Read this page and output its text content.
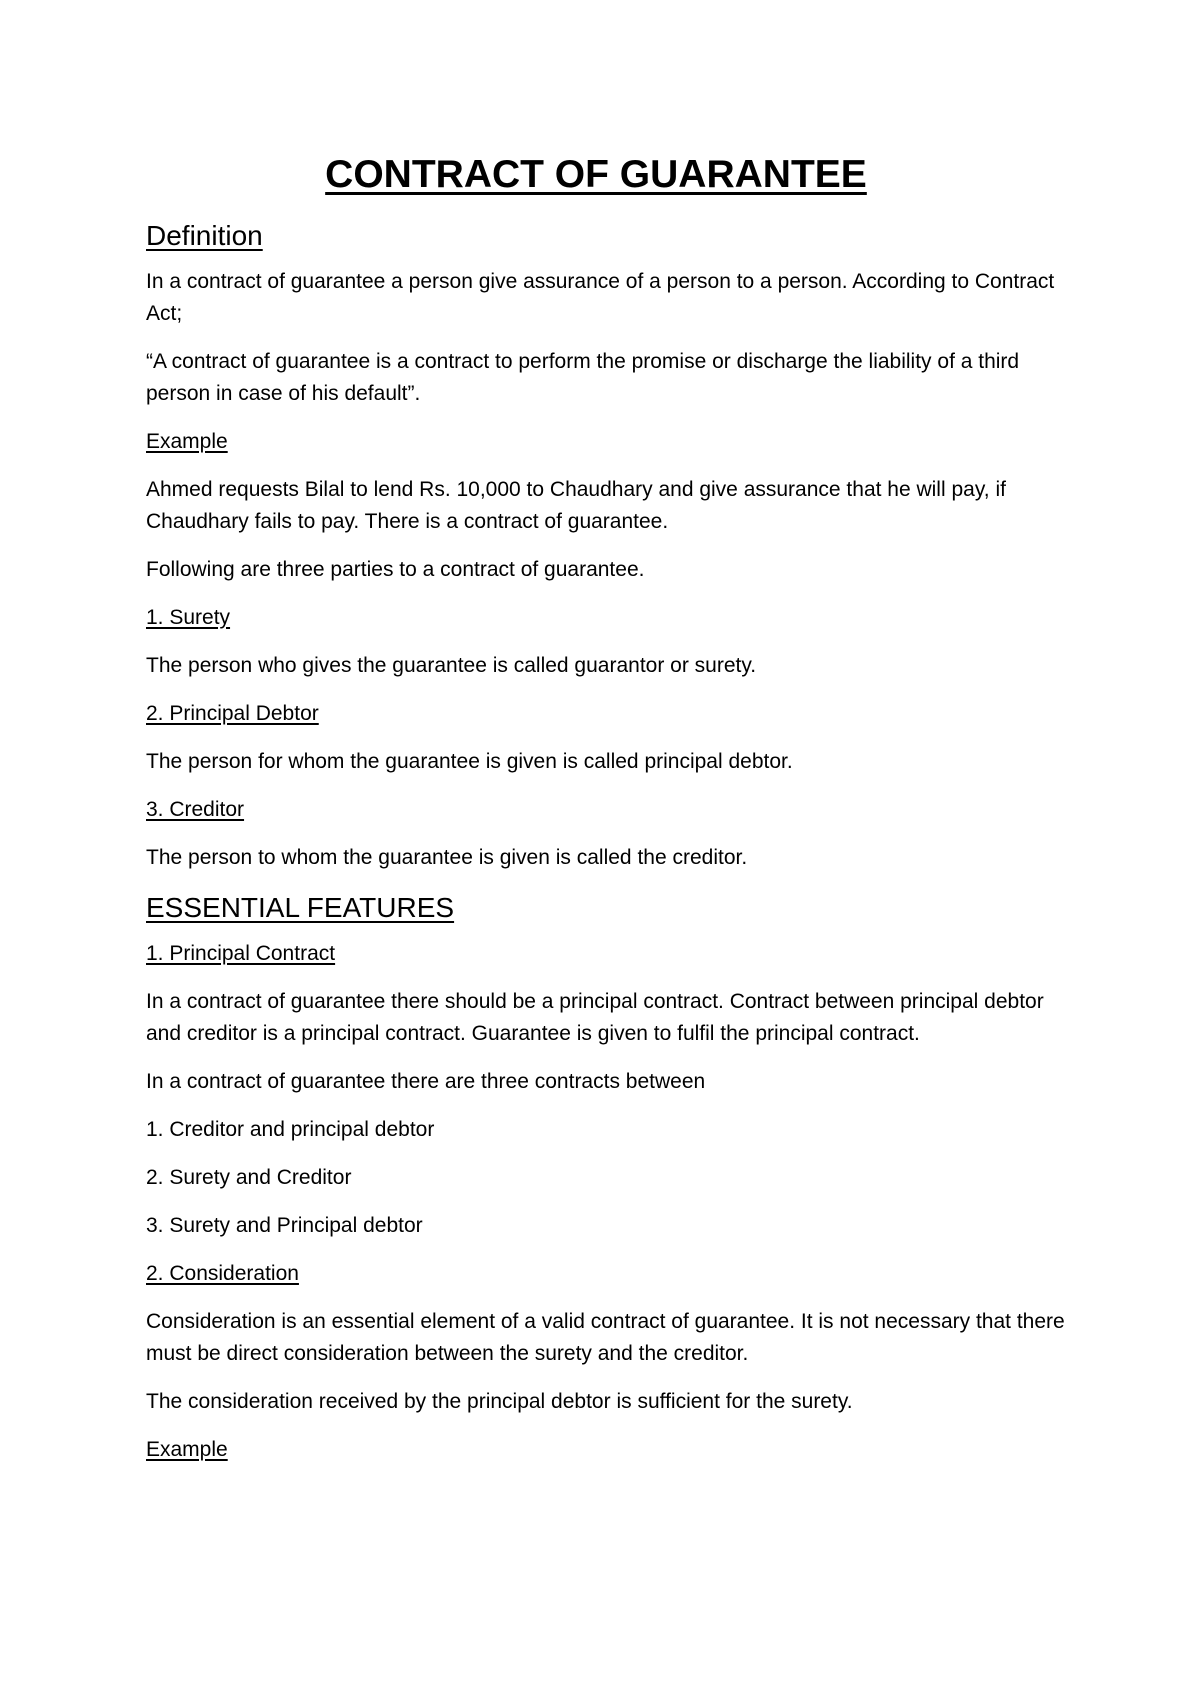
CONTRACT OF GUARANTEE
Definition

In a contract of guarantee a person give assurance of a person to a person. According to Contract Act;

“A contract of guarantee is a contract to perform the promise or discharge the liability of a third person in case of his default”.

Example

Ahmed requests Bilal to lend Rs. 10,000 to Chaudhary and give assurance that he will pay, if Chaudhary fails to pay. There is a contract of guarantee.

Following are three parties to a contract of guarantee.

1. Surety

The person who gives the guarantee is called guarantor or surety.

2. Principal Debtor

The person for whom the guarantee is given is called principal debtor.

3. Creditor

The person to whom the guarantee is given is called the creditor.

ESSENTIAL FEATURES
1. Principal Contract

In a contract of guarantee there should be a principal contract. Contract between principal debtor and creditor is a principal contract. Guarantee is given to fulfil the principal contract.

In a contract of guarantee there are three contracts between

1. Creditor and principal debtor

2. Surety and Creditor

3. Surety and Principal debtor

2. Consideration

Consideration is an essential element of a valid contract of guarantee. It is not necessary that there must be direct consideration between the surety and the creditor.

The consideration received by the principal debtor is sufficient for the surety.

Example
